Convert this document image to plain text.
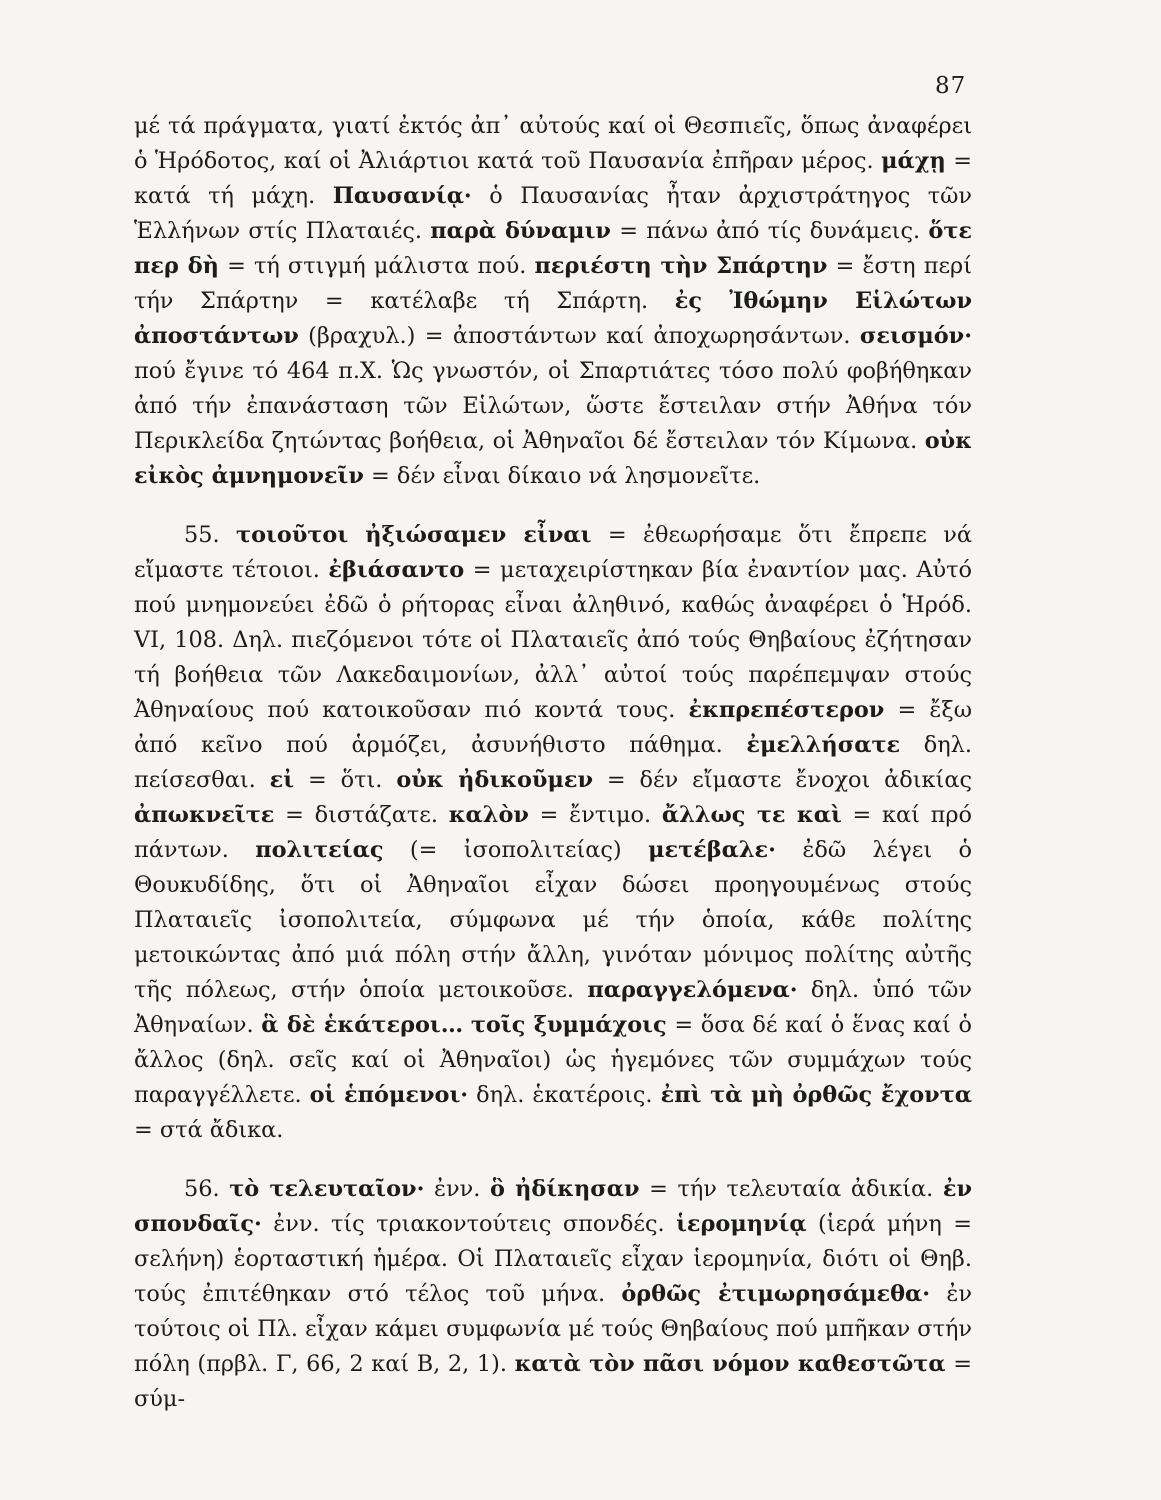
87

μέ τά πράγματα, γιατί ἐκτός ἀπ᾽ αὐτούς καί οἱ Θεσπιεῖς, ὅπως ἀναφέρει ὁ Ἡρόδοτος, καί οἱ Ἀλιάρτιοι κατά τοῦ Παυσανία ἐπῆραν μέρος. μάχῃ = κατά τή μάχη. Παυσανίᾳ· ὁ Παυσανίας ἦταν ἀρχιστράτηγος τῶν Ἑλλήνων στίς Πλαταιές. παρὰ δύναμιν = πάνω ἀπό τίς δυνάμεις. ὅτε περ δὴ = τή στιγμή μάλιστα πού. περιέστη τὴν Σπάρτην = ἔστη περί τήν Σπάρτην = κατέλαβε τή Σπάρτη. ἐς Ἰθώμην Εἱλώτων ἀποστάντων (βραχυλ.) = ἀποστάντων καί ἀποχωρησάντων. σεισμόν· πού ἔγινε τό 464 π.Χ. Ὡς γνωστόν, οἱ Σπαρτιάτες τόσο πολύ φοβήθηκαν ἀπό τήν ἐπανάσταση τῶν Εἱλώτων, ὥστε ἔστειλαν στήν Ἀθήνα τόν Περικλείδα ζητώντας βοήθεια, οἱ Ἀθηναῖοι δέ ἔστειλαν τόν Κίμωνα. οὐκ εἰκὸς ἀμνημονεῖν = δέν εἶναι δίκαιο νά λησμονεῖτε.

55. τοιοῦτοι ἠξιώσαμεν εἶναι = ἐθεωρήσαμε ὅτι ἔπρεπε νά εἴμαστε τέτοιοι. ἐβιάσαντο = μεταχειρίστηκαν βία ἐναντίον μας. Αὐτό πού μνημονεύει ἐδῶ ὁ ρήτορας εἶναι ἀληθινό, καθώς ἀναφέρει ὁ Ἡρόδ. VI, 108. Δηλ. πιεζόμενοι τότε οἱ Πλαταιεῖς ἀπό τούς Θηβαίους ἐζήτησαν τή βοήθεια τῶν Λακεδαιμονίων, ἀλλ᾽ αὐτοί τούς παρέπεμψαν στούς Ἀθηναίους πού κατοικοῦσαν πιό κοντά τους. ἐκπρεπέστερον = ἔξω ἀπό κεῖνο πού ἁρμόζει, ἀσυνήθιστο πάθημα. ἐμελλήσατε δηλ. πείσεσθαι. εἰ = ὅτι. οὐκ ἠδικοῦμεν = δέν εἴμαστε ἔνοχοι ἀδικίας ἀπωκνεῖτε = διστάζατε. καλὸν = ἔντιμο. ἄλλως τε καὶ = καί πρό πάντων. πολιτείας (= ἰσοπολιτείας) μετέβαλε· ἐδῶ λέγει ὁ Θουκυδίδης, ὅτι οἱ Ἀθηναῖοι εἶχαν δώσει προηγουμένως στούς Πλαταιεῖς ἰσοπολιτεία, σύμφωνα μέ τήν ὁποία, κάθε πολίτης μετοικώντας ἀπό μιά πόλη στήν ἄλλη, γινόταν μόνιμος πολίτης αὐτῆς τῆς πόλεως, στήν ὁποία μετοικοῦσε. παραγγελόμενα· δηλ. ὑπό τῶν Ἀθηναίων. ἃ δὲ ἑκάτεροι… τοῖς ξυμμάχοις = ὅσα δέ καί ὁ ἕνας καί ὁ ἄλλος (δηλ. σεῖς καί οἱ Ἀθηναῖοι) ὡς ἡγεμόνες τῶν συμμάχων τούς παραγγέλλετε. οἱ ἑπόμενοι· δηλ. ἑκατέροις. ἐπὶ τὰ μὴ ὀρθῶς ἔχοντα = στά ἄδικα.

56. τὸ τελευταῖον· ἐνν. ὃ ἠδίκησαν = τήν τελευταία ἀδικία. ἐν σπονδαῖς· ἐνν. τίς τριακοντούτεις σπονδές. ἱερομηνίᾳ (ἱερά μήνη = σελήνη) ἑορταστική ἡμέρα. Οἱ Πλαταιεῖς εἶχαν ἱερομηνία, διότι οἱ Θηβ. τούς ἐπιτέθηκαν στό τέλος τοῦ μήνα. ὀρθῶς ἐτιμωρησάμεθα· ἐν τούτοις οἱ Πλ. εἶχαν κάμει συμφωνία μέ τούς Θηβαίους πού μπῆκαν στήν πόλη (πρβλ. Γ, 66, 2 καί Β, 2, 1). κατὰ τὸν πᾶσι νόμον καθεστῶτα = σύμ-
